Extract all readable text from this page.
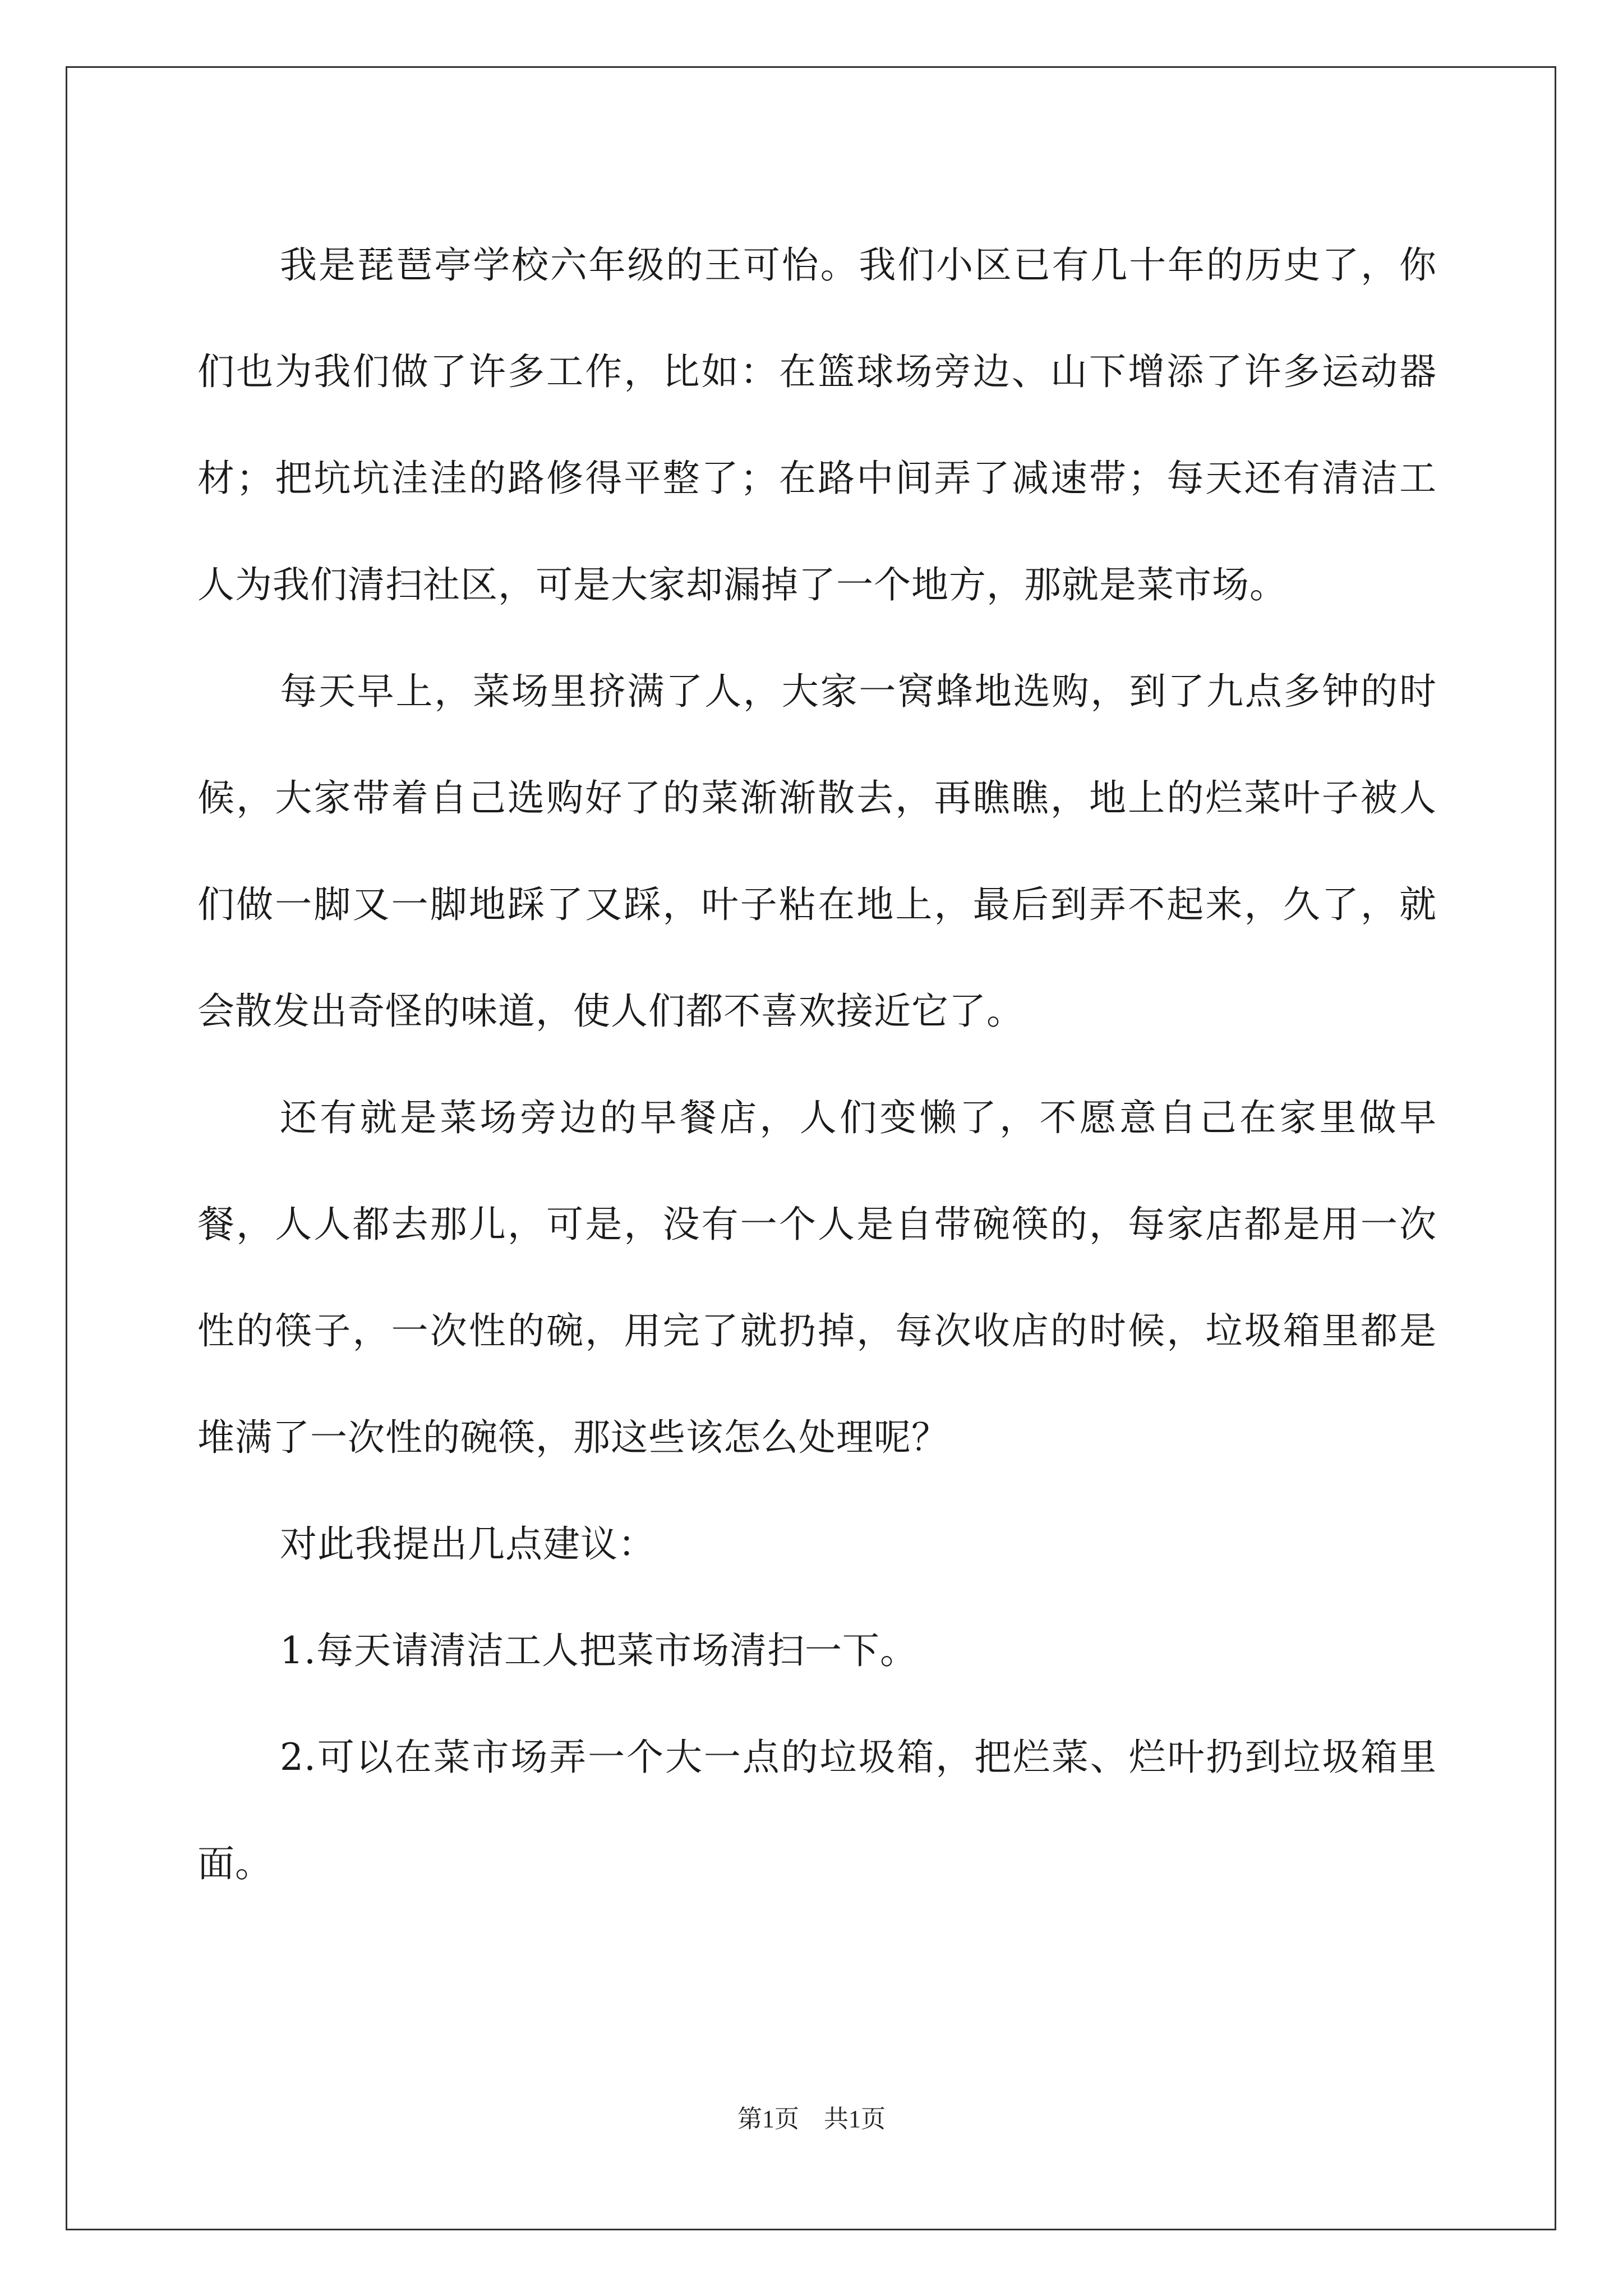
我是琵琶亭学校六年级的王可怡。我们小区已有几十年的历史了，你们也为我们做了许多工作，比如：在篮球场旁边、山下增添了许多运动器材；把坑坑洼洼的路修得平整了；在路中间弄了减速带；每天还有清洁工人为我们清扫社区，可是大家却漏掉了一个地方，那就是菜市场。

每天早上，菜场里挤满了人，大家一窝蜂地选购，到了九点多钟的时候，大家带着自己选购好了的菜渐渐散去，再瞧瞧，地上的烂菜叶子被人们做一脚又一脚地踩了又踩，叶子粘在地上，最后到弄不起来，久了，就会散发出奇怪的味道，使人们都不喜欢接近它了。

还有就是菜场旁边的早餐店，人们变懒了，不愿意自己在家里做早餐，人人都去那儿，可是，没有一个人是自带碗筷的，每家店都是用一次性的筷子，一次性的碗，用完了就扔掉，每次收店的时候，垃圾箱里都是堆满了一次性的碗筷，那这些该怎么处理呢？

对此我提出几点建议：

1.每天请清洁工人把菜市场清扫一下。

2.可以在菜市场弄一个大一点的垃圾箱，把烂菜、烂叶扔到垃圾箱里面。

第1页　共1页
